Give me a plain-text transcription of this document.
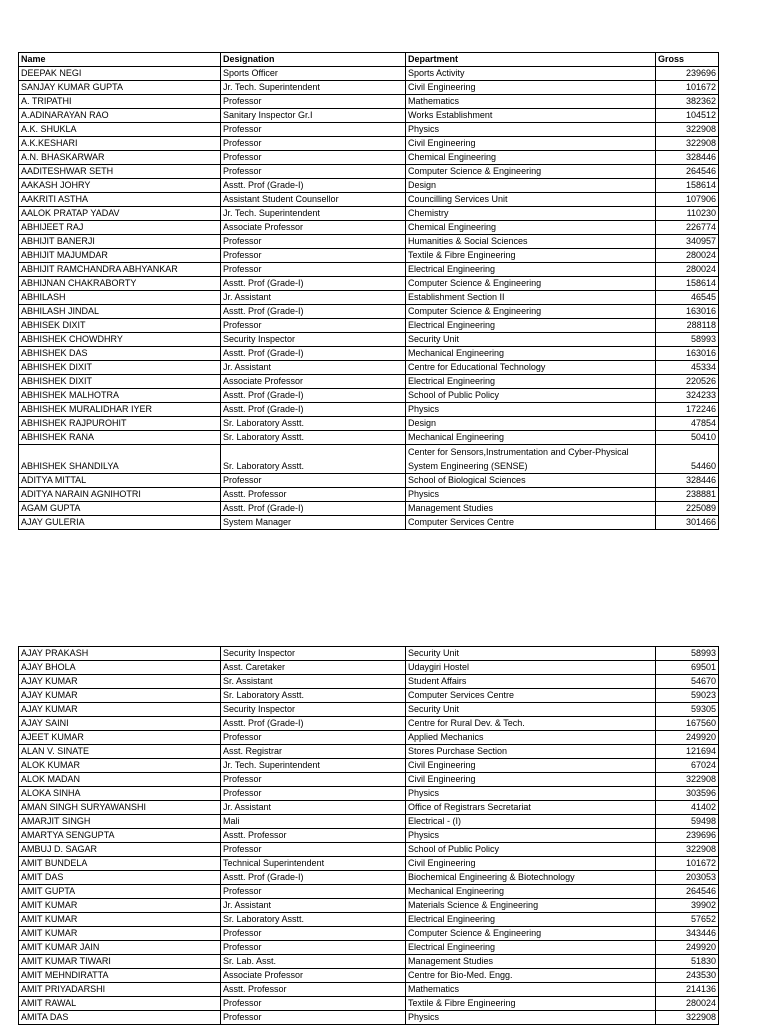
Name	Designation	Department	Gross
DEEPAK NEGI	Sports Officer	Sports Activity	239696
SANJAY KUMAR GUPTA	Jr. Tech. Superintendent	Civil Engineering	101672
A. TRIPATHI	Professor	Mathematics	382362
A.ADINARAYAN RAO	Sanitary Inspector Gr.I	Works Establishment	104512
A.K. SHUKLA	Professor	Physics	322908
A.K.KESHARI	Professor	Civil Engineering	322908
A.N. BHASKARWAR	Professor	Chemical Engineering	328446
AADITESHWAR SETH	Professor	Computer Science & Engineering	264546
AAKASH JOHRY	Asstt. Prof (Grade-I)	Design	158614
AAKRITI ASTHA	Assistant Student Counsellor	Councilling Services Unit	107906
AALOK PRATAP YADAV	Jr. Tech. Superintendent	Chemistry	110230
ABHIJEET RAJ	Associate Professor	Chemical Engineering	226774
ABHIJIT BANERJI	Professor	Humanities & Social Sciences	340957
ABHIJIT MAJUMDAR	Professor	Textile & Fibre Engineering	280024
ABHIJIT RAMCHANDRA ABHYANKAR	Professor	Electrical Engineering	280024
ABHIJNAN CHAKRABORTY	Asstt. Prof (Grade-I)	Computer Science & Engineering	158614
ABHILASH	Jr. Assistant	Establishment Section II	46545
ABHILASH JINDAL	Asstt. Prof (Grade-I)	Computer Science & Engineering	163016
ABHISEK DIXIT	Professor	Electrical Engineering	288118
ABHISHEK CHOWDHRY	Security Inspector	Security Unit	58993
ABHISHEK DAS	Asstt. Prof (Grade-I)	Mechanical Engineering	163016
ABHISHEK DIXIT	Jr. Assistant	Centre for Educational Technology	45334
ABHISHEK DIXIT	Associate Professor	Electrical Engineering	220526
ABHISHEK MALHOTRA	Asstt. Prof (Grade-I)	School of Public Policy	324233
ABHISHEK MURALIDHAR IYER	Asstt. Prof (Grade-I)	Physics	172246
ABHISHEK RAJPUROHIT	Sr. Laboratory Asstt.	Design	47854
ABHISHEK RANA	Sr. Laboratory Asstt.	Mechanical Engineering	50410
ABHISHEK SHANDILYA	Sr. Laboratory Asstt.	Center for Sensors,Instrumentation and Cyber-Physical System Engineering (SENSE)	54460
ADITYA MITTAL	Professor	School of Biological Sciences	328446
ADITYA NARAIN AGNIHOTRI	Asstt. Professor	Physics	238881
AGAM GUPTA	Asstt. Prof (Grade-I)	Management Studies	225089
AJAY GULERIA	System Manager	Computer Services Centre	301466
AJAY PRAKASH	Security Inspector	Security Unit	58993
AJAY BHOLA	Asst. Caretaker	Udaygiri Hostel	69501
AJAY KUMAR	Sr. Assistant	Student Affairs	54670
AJAY KUMAR	Sr. Laboratory Asstt.	Computer Services Centre	59023
AJAY KUMAR	Security Inspector	Security Unit	59305
AJAY SAINI	Asstt. Prof (Grade-I)	Centre for Rural Dev. & Tech.	167560
AJEET KUMAR	Professor	Applied Mechanics	249920
ALAN V. SINATE	Asst. Registrar	Stores Purchase Section	121694
ALOK KUMAR	Jr. Tech. Superintendent	Civil Engineering	67024
ALOK MADAN	Professor	Civil Engineering	322908
ALOKA SINHA	Professor	Physics	303596
AMAN SINGH SURYAWANSHI	Jr. Assistant	Office of Registrars Secretariat	41402
AMARJIT SINGH	Mali	Electrical - (I)	59498
AMARTYA SENGUPTA	Asstt. Professor	Physics	239696
AMBUJ D. SAGAR	Professor	School of Public Policy	322908
AMIT BUNDELA	Technical Superintendent	Civil Engineering	101672
AMIT DAS	Asstt. Prof (Grade-I)	Biochemical Engineering & Biotechnology	203053
AMIT GUPTA	Professor	Mechanical Engineering	264546
AMIT KUMAR	Jr. Assistant	Materials Science & Engineering	39902
AMIT KUMAR	Sr. Laboratory Asstt.	Electrical Engineering	57652
AMIT KUMAR	Professor	Computer Science & Engineering	343446
AMIT KUMAR JAIN	Professor	Electrical Engineering	249920
AMIT KUMAR TIWARI	Sr. Lab. Asst.	Management Studies	51830
AMIT MEHNDIRATTA	Associate Professor	Centre for Bio-Med. Engg.	243530
AMIT PRIYADARSHI	Asstt. Professor	Mathematics	214136
AMIT RAWAL	Professor	Textile & Fibre Engineering	280024
AMITA DAS	Professor	Physics	322908
